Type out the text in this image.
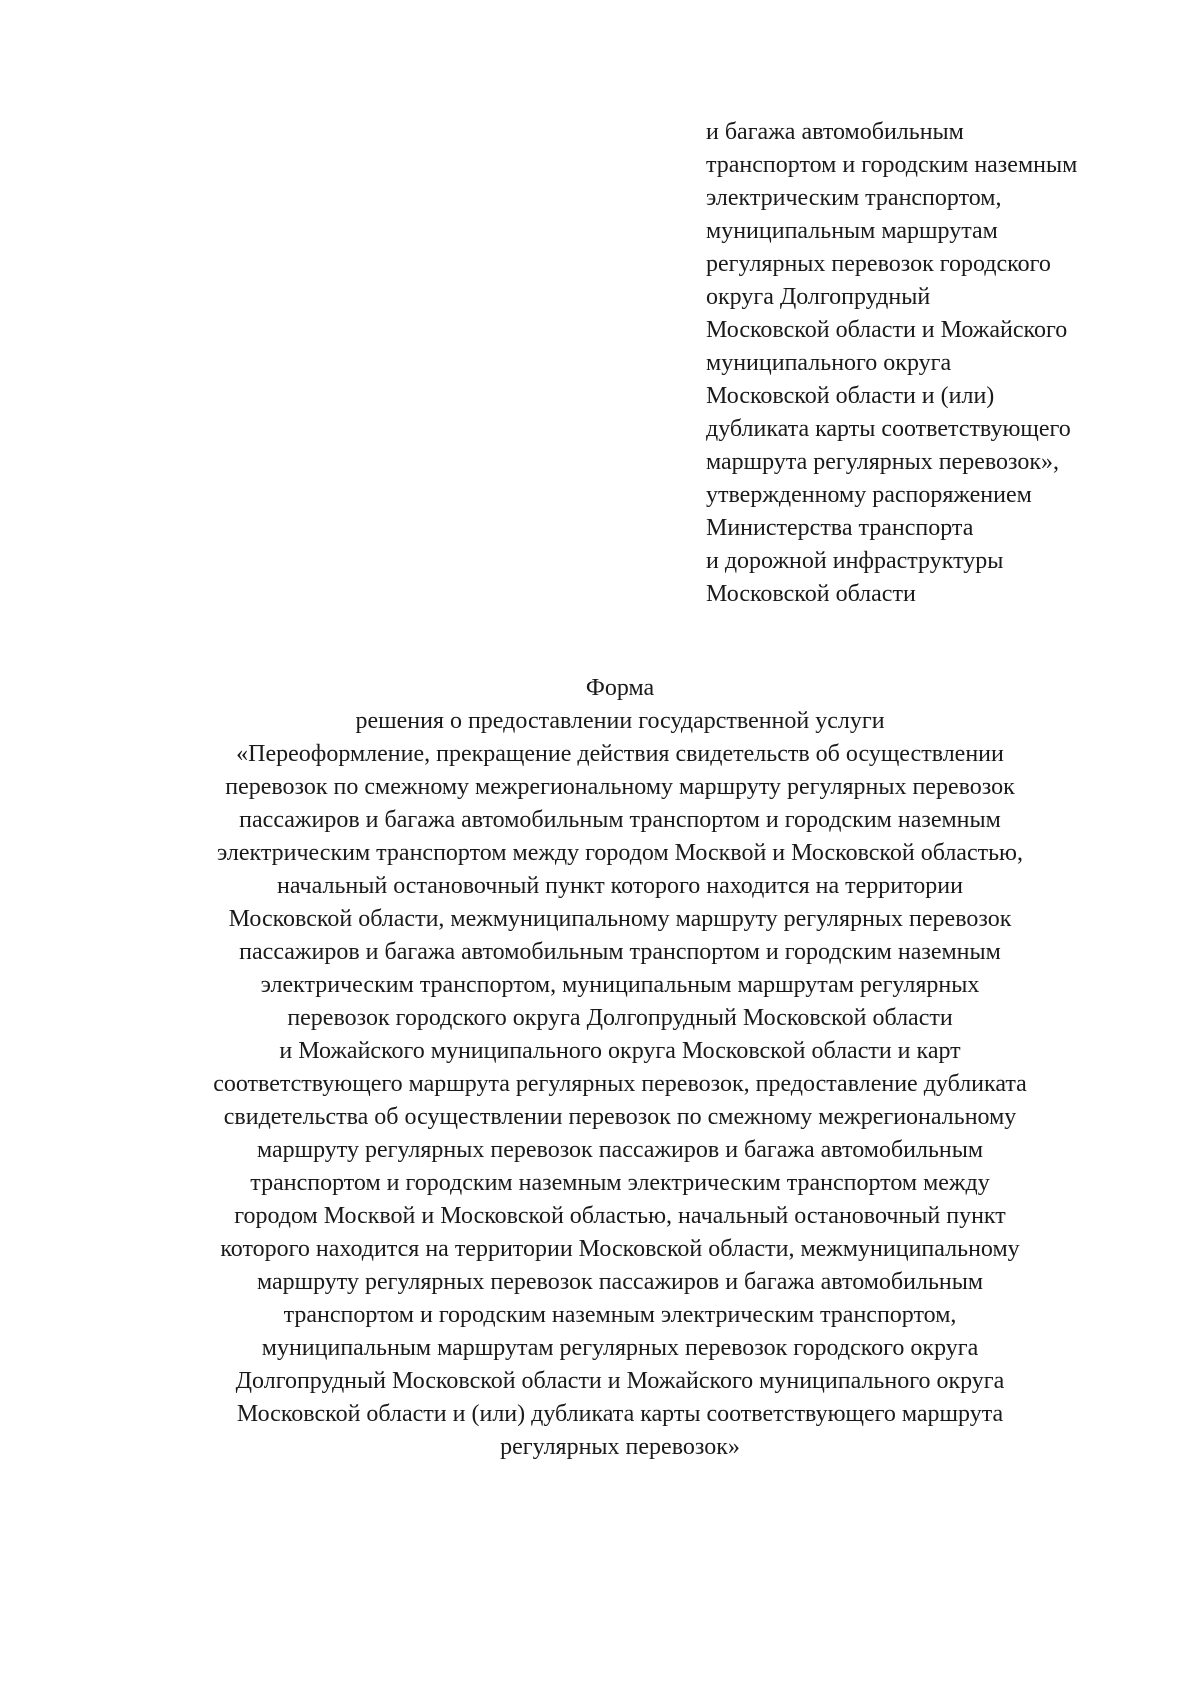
и багажа автомобильным
транспортом и городским наземным
электрическим транспортом,
муниципальным маршрутам
регулярных перевозок городского
округа Долгопрудный
Московской области и Можайского
муниципального округа
Московской области и (или)
дубликата карты соответствующего
маршрута регулярных перевозок»,
утвержденному распоряжением
Министерства транспорта
и дорожной инфраструктуры
Московской области
Форма
решения о предоставлении государственной услуги
«Переоформление, прекращение действия свидетельств об осуществлении
перевозок по смежному межрегиональному маршруту регулярных перевозок
пассажиров и багажа автомобильным транспортом и городским наземным
электрическим транспортом между городом Москвой и Московской областью,
начальный остановочный пункт которого находится на территории
Московской области, межмуниципальному маршруту регулярных перевозок
пассажиров и багажа автомобильным транспортом и городским наземным
электрическим транспортом, муниципальным маршрутам регулярных
перевозок городского округа Долгопрудный Московской области
и Можайского муниципального округа Московской области и карт
соответствующего маршрута регулярных перевозок, предоставление дубликата
свидетельства об осуществлении перевозок по смежному межрегиональному
маршруту регулярных перевозок пассажиров и багажа автомобильным
транспортом и городским наземным электрическим транспортом между
городом Москвой и Московской областью, начальный остановочный пункт
которого находится на территории Московской области, межмуниципальному
маршруту регулярных перевозок пассажиров и багажа автомобильным
транспортом и городским наземным электрическим транспортом,
муниципальным маршрутам регулярных перевозок городского округа
Долгопрудный Московской области и Можайского муниципального округа
Московской области и (или) дубликата карты соответствующего маршрута
регулярных перевозок»
